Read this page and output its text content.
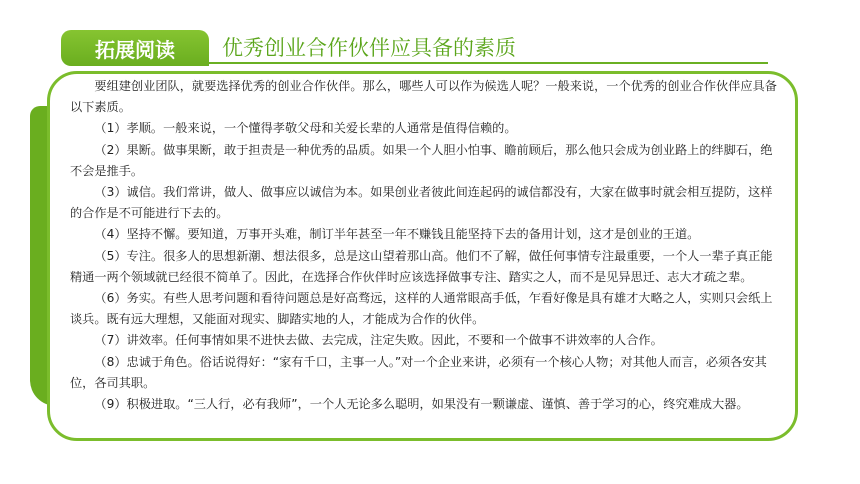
拓展阅读	优秀创业合作伙伴应具备的素质

要组建创业团队，就要选择优秀的创业合作伙伴。那么，哪些人可以作为候选人呢？一般来说，一个优秀的创业合作伙伴应具备以下素质。

（1）孝顺。一般来说，一个懂得孝敬父母和关爱长辈的人通常是值得信赖的。

（2）果断。做事果断，敢于担责是一种优秀的品质。如果一个人胆小怕事、瞻前顾后，那么他只会成为创业路上的绊脚石，绝不会是推手。

（3）诚信。我们常讲，做人、做事应以诚信为本。如果创业者彼此间连起码的诚信都没有，大家在做事时就会相互提防，这样的合作是不可能进行下去的。

（4）坚持不懈。要知道，万事开头难，制订半年甚至一年不赚钱且能坚持下去的备用计划，这才是创业的王道。

（5）专注。很多人的思想新潮、想法很多，总是这山望着那山高。他们不了解，做任何事情专注最重要，一个人一辈子真正能精通一两个领域就已经很不简单了。因此，在选择合作伙伴时应该选择做事专注、踏实之人，而不是见异思迁、志大才疏之辈。

（6）务实。有些人思考问题和看待问题总是好高骛远，这样的人通常眼高手低，乍看好像是具有雄才大略之人，实则只会纸上谈兵。既有远大理想，又能面对现实、脚踏实地的人，才能成为合作的伙伴。

（7）讲效率。任何事情如果不进快去做、去完成，注定失败。因此，不要和一个做事不讲效率的人合作。

（8）忠诚于角色。俗话说得好：“家有千口，主事一人。”对一个企业来讲，必须有一个核心人物；对其他人而言，必须各安其位，各司其职。

（9）积极进取。“三人行，必有我师”，一个人无论多么聪明，如果没有一颗谦虚、谨慎、善于学习的心，终究难成大器。
